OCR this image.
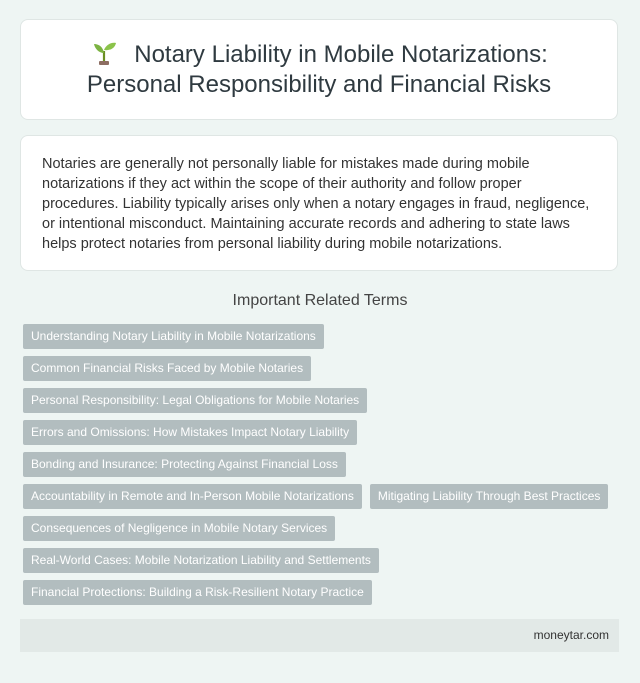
Notary Liability in Mobile Notarizations: Personal Responsibility and Financial Risks

Notaries are generally not personally liable for mistakes made during mobile notarizations if they act within the scope of their authority and follow proper procedures. Liability typically arises only when a notary engages in fraud, negligence, or intentional misconduct. Maintaining accurate records and adhering to state laws helps protect notaries from personal liability during mobile notarizations.

Important Related Terms
Understanding Notary Liability in Mobile Notarizations
Common Financial Risks Faced by Mobile Notaries
Personal Responsibility: Legal Obligations for Mobile Notaries
Errors and Omissions: How Mistakes Impact Notary Liability
Bonding and Insurance: Protecting Against Financial Loss
Accountability in Remote and In-Person Mobile Notarizations	Mitigating Liability Through Best Practices
Consequences of Negligence in Mobile Notary Services
Real-World Cases: Mobile Notarization Liability and Settlements
Financial Protections: Building a Risk-Resilient Notary Practice
moneytar.com
